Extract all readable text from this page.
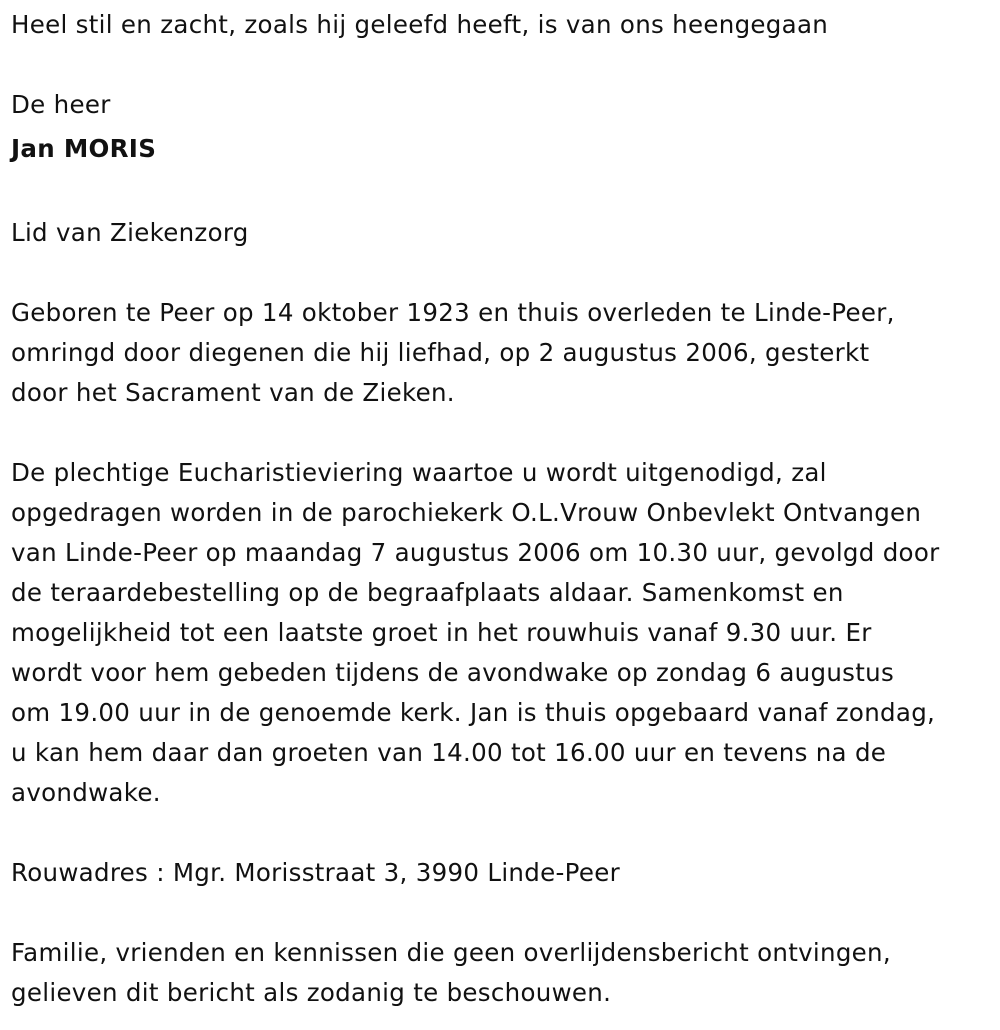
Heel stil en zacht, zoals hij geleefd heeft, is van ons heengegaan

De heer

Jan MORIS

Lid van Ziekenzorg

Geboren te Peer op 14 oktober 1923 en thuis overleden te Linde-Peer,

omringd door diegenen die hij liefhad, op 2 augustus 2006, gesterkt

door het Sacrament van de Zieken.

De plechtige Eucharistieviering waartoe u wordt uitgenodigd, zal

opgedragen worden in de parochiekerk O.L.Vrouw Onbevlekt Ontvangen

van Linde-Peer op maandag 7 augustus 2006 om 10.30 uur, gevolgd door

de teraardebestelling op de begraafplaats aldaar. Samenkomst en

mogelijkheid tot een laatste groet in het rouwhuis vanaf 9.30 uur. Er

wordt voor hem gebeden tijdens de avondwake op zondag 6 augustus

om 19.00 uur in de genoemde kerk. Jan is thuis opgebaard vanaf zondag,

u kan hem daar dan groeten van 14.00 tot 16.00 uur en tevens na de

avondwake.

Rouwadres : Mgr. Morisstraat 3, 3990 Linde-Peer

Familie, vrienden en kennissen die geen overlijdensbericht ontvingen,

gelieven dit bericht als zodanig te beschouwen.
